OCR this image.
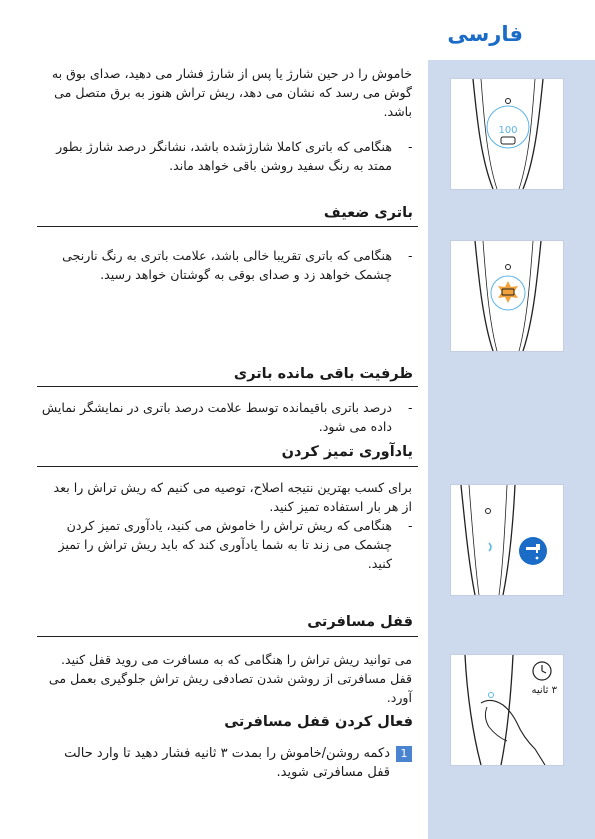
فارسی
100
۳ ثانیه
خاموش را در حین شارژ یا پس از شارژ فشار می دهید، صدای بوق به گوش می رسد که نشان می دهد، ریش تراش هنوز به برق متصل می باشد.
-
هنگامی که باتری کاملا شارژشده باشد، نشانگر درصد شارژ بطور ممتد به رنگ سفید روشن باقی خواهد ماند.
باتری ضعیف
-
هنگامی که باتری تقریبا خالی باشد، علامت باتری به رنگ نارنجی چشمک خواهد زد و صدای بوقی به گوشتان خواهد رسید.
ظرفیت باقی مانده باتری
-
درصد باتری باقیمانده توسط علامت درصد باتری در نمایشگر نمایش داده می شود.
یادآوری تمیز کردن
برای کسب بهترین نتیجه اصلاح، توصیه می کنیم که ریش تراش را بعد از هر بار استفاده تمیز کنید.
-
هنگامی که ریش تراش را خاموش می کنید، یادآوری تمیز کردن چشمک می زند تا به شما یادآوری کند که باید ریش تراش را تمیز کنید.
قفل مسافرتی
می توانید ریش تراش را هنگامی که به مسافرت می روید قفل کنید. قفل مسافرتی از روشن شدن تصادفی ریش تراش جلوگیری بعمل می آورد.
فعال کردن قفل مسافرتی
1
دکمه روشن/خاموش را بمدت ۳ ثانیه فشار دهید تا وارد حالت قفل مسافرتی شوید.
